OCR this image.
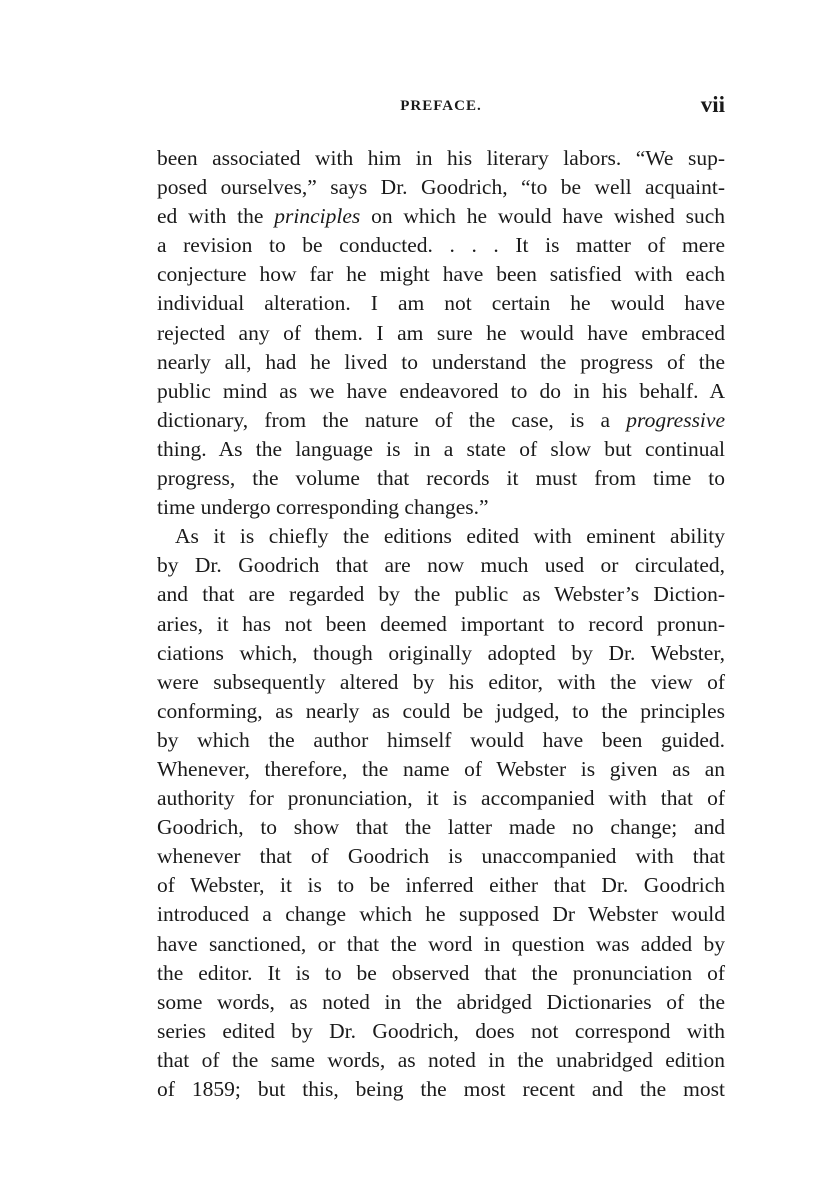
PREFACE.	vii
been associated with him in his literary labors. “We sup-
posed ourselves,” says Dr. Goodrich, “to be well acquaint-
ed with the principles on which he would have wished such
a revision to be conducted. . . . It is matter of mere
conjecture how far he might have been satisfied with each
individual alteration. I am not certain he would have
rejected any of them. I am sure he would have embraced
nearly all, had he lived to understand the progress of the
public mind as we have endeavored to do in his behalf. A
dictionary, from the nature of the case, is a progressive
thing. As the language is in a state of slow but continual
progress, the volume that records it must from time to
time undergo corresponding changes.”
As it is chiefly the editions edited with eminent ability
by Dr. Goodrich that are now much used or circulated,
and that are regarded by the public as Webster’s Diction-
aries, it has not been deemed important to record pronun-
ciations which, though originally adopted by Dr. Webster,
were subsequently altered by his editor, with the view of
conforming, as nearly as could be judged, to the principles
by which the author himself would have been guided.
Whenever, therefore, the name of Webster is given as an
authority for pronunciation, it is accompanied with that of
Goodrich, to show that the latter made no change; and
whenever that of Goodrich is unaccompanied with that
of Webster, it is to be inferred either that Dr. Goodrich
introduced a change which he supposed Dr Webster would
have sanctioned, or that the word in question was added by
the editor. It is to be observed that the pronunciation of
some words, as noted in the abridged Dictionaries of the
series edited by Dr. Goodrich, does not correspond with
that of the same words, as noted in the unabridged edition
of 1859; but this, being the most recent and the most
